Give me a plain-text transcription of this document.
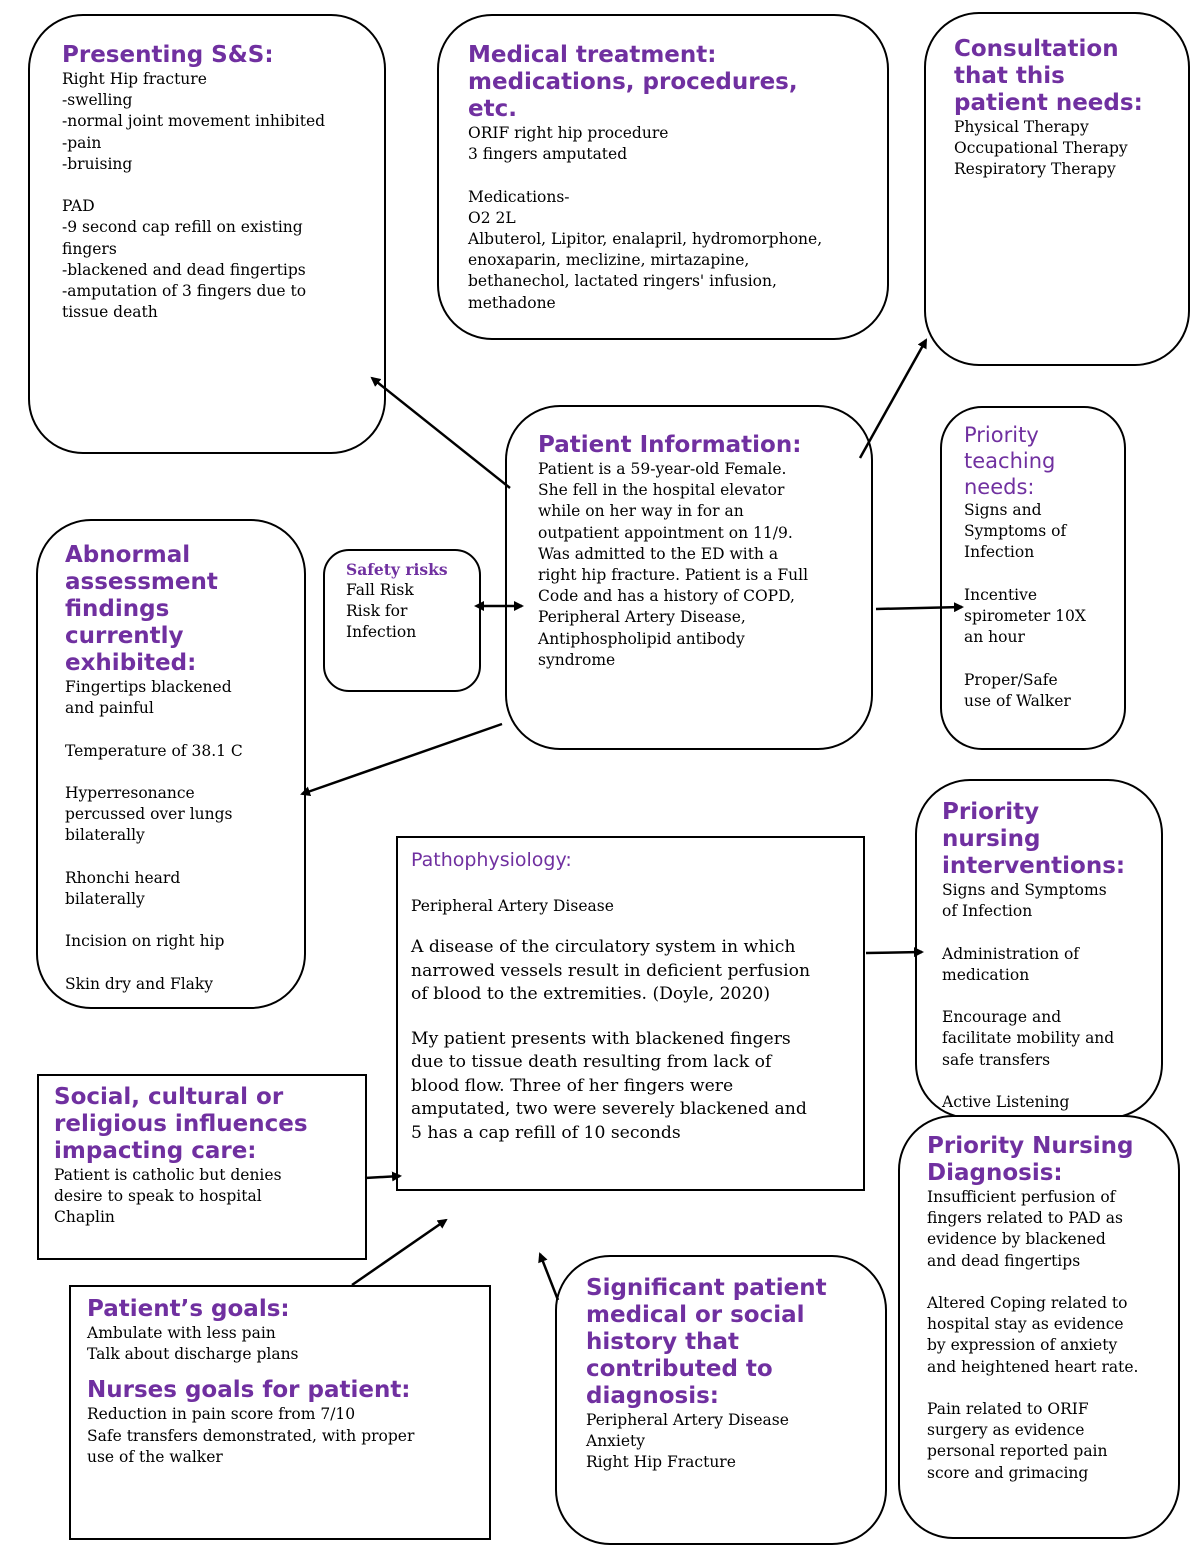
Presenting S&S:

Right Hip fracture
-swelling
-normal joint movement inhibited
-pain
-bruising

PAD
-9 second cap refill on existing
fingers
-blackened and dead fingertips
-amputation of 3 fingers due to
tissue death

Medical treatment:
medications, procedures,
etc.

ORIF right hip procedure
3 fingers amputated

Medications-
O2 2L
Albuterol, Lipitor, enalapril, hydromorphone,
enoxaparin, meclizine, mirtazapine,
bethanechol, lactated ringers' infusion,
methadone

Consultation
that this
patient needs:

Physical Therapy
Occupational Therapy
Respiratory Therapy

Patient Information:

Patient is a 59-year-old Female.
She fell in the hospital elevator
while on her way in for an
outpatient appointment on 11/9.
Was admitted to the ED with a
right hip fracture. Patient is a Full
Code and has a history of COPD,
Peripheral Artery Disease,
Antiphospholipid antibody
syndrome

Priority
teaching
needs:

Signs and
Symptoms of
Infection

Incentive
spirometer 10X
an hour

Proper/Safe
use of Walker

Abnormal
assessment
findings
currently
exhibited:

Fingertips blackened
and painful

Temperature of 38.1 C

Hyperresonance
percussed over lungs
bilaterally

Rhonchi heard
bilaterally

Incision on right hip

Skin dry and Flaky

Safety risks

Fall Risk
Risk for
Infection

Pathophysiology:

Peripheral Artery Disease

A disease of the circulatory system in which
narrowed vessels result in deficient perfusion
of blood to the extremities. (Doyle, 2020)

My patient presents with blackened fingers
due to tissue death resulting from lack of
blood flow. Three of her fingers were
amputated, two were severely blackened and
5 has a cap refill of 10 seconds

Priority
nursing
interventions:

Signs and Symptoms
of Infection

Administration of
medication

Encourage and
facilitate mobility and
safe transfers

Active Listening

Social, cultural or
religious influences
impacting care:

Patient is catholic but denies
desire to speak to hospital
Chaplin

Patient’s goals:

Ambulate with less pain
Talk about discharge plans

Nurses goals for patient:

Reduction in pain score from 7/10
Safe transfers demonstrated, with proper
use of the walker

Significant patient
medical or social
history that
contributed to
diagnosis:

Peripheral Artery Disease
Anxiety
Right Hip Fracture

Priority Nursing
Diagnosis:

Insufficient perfusion of
fingers related to PAD as
evidence by blackened
and dead fingertips

Altered Coping related to
hospital stay as evidence
by expression of anxiety
and heightened heart rate.

Pain related to ORIF
surgery as evidence
personal reported pain
score and grimacing
